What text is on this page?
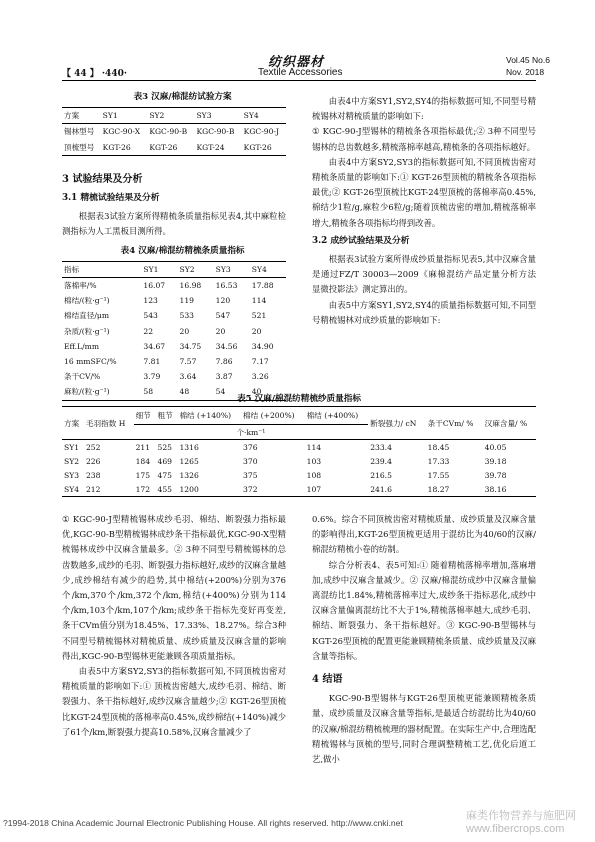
【 44 】 ·440·
纺织器材
Textile Accessories
Vol.45 No.6
Nov. 2018

表3 汉麻/棉混纺试验方案

方案	SY1	SY2	SY3	SY4
锡林型号	KGC-90-X	KGC-90-B	KGC-90-B	KGC-90-J
顶梳型号	KGT-26	KGT-26	KGT-24	KGT-26
3 试验结果及分析
3.1 精梳试验结果及分析

根据表3试验方案所得精梳条质量指标见表4,其中麻粒检测指标为人工黑板目测所得。

表4 汉麻/棉混纺精梳条质量指标

指标	SY1	SY2	SY3	SY4
落棉率/%	16.07	16.98	16.53	17.88
棉结/(粒·g⁻¹)	123	119	120	114
棉结直径/μm	543	533	547	521
杂质/(粒·g⁻¹)	22	20	20	20
Eff.L/mm	34.67	34.75	34.56	34.90
16 mmSFC/%	7.81	7.57	7.86	7.17
条干CV/%	3.79	3.64	3.87	3.26
麻粒/(粒·g⁻¹)	58	48	54	40

由表4中方案SY1,SY2,SY4的指标数据可知,不同型号精梳锡林对精梳质量的影响如下:

① KGC-90-J型锡林的精梳条各项指标最优;② 3种不同型号锡林的总齿数越多,精梳落棉率越高,精梳条的各项指标越好。

由表4中方案SY2,SY3的指标数据可知,不同顶梳齿密对精梳条质量的影响如下:① KGT-26型顶梳的精梳条各项指标最优;② KGT-26型顶梳比KGT-24型顶梳的落棉率高0.45%,棉结少1粒/g,麻粒少6粒/g;随着顶梳齿密的增加,精梳落棉率增大,精梳条各项指标均得到改善。

3.2 成纱试验结果及分析

根据表3试验方案所得成纱质量指标见表5,其中汉麻含量是通过FZ/T 30003—2009《麻棉混纺产品定量分析方法 显微投影法》测定算出的。

由表5中方案SY1,SY2,SY4的质量指标数据可知,不同型号精梳锡林对成纱质量的影响如下:

表5 汉麻/棉混纺精梳纱质量指标

方案	毛羽指数 H	细节	粗节	棉结 (+140%)	棉结 (+200%)	棉结 (+400%)	断裂强力/ cN	条干CVm/ %	汉麻含量/ %
		个·km⁻¹							
SY1	252	211	525	1316	376	114	233.4	18.45	40.05
SY2	226	184	469	1265	370	103	239.4	17.33	39.18
SY3	238	175	475	1326	375	108	216.5	17.55	39.78
SY4	212	172	455	1200	372	107	241.6	18.27	38.16

① KGC-90-J型精梳锡林成纱毛羽、棉结、断裂强力指标最优,KGC-90-B型精梳锡林成纱条干指标最优,KGC-90-X型精梳锡林成纱中汉麻含量最多。② 3种不同型号精梳锡林的总齿数越多,成纱的毛羽、断裂强力指标越好,成纱的汉麻含量越少,成纱棉结有减少的趋势,其中棉结(+200%)分别为376个/km,370个/km,372个/km,棉结(+400%)分别为114个/km,103个/km,107个/km;成纱条干指标先变好再变差,条干CVm值分别为18.45%、17.33%、18.27%。综合3种不同型号精梳锡林对精梳质量、成纱质量及汉麻含量的影响得出,KGC-90-B型锡林更能兼顾各项质量指标。

由表5中方案SY2,SY3的指标数据可知,不同顶梳齿密对精梳质量的影响如下:① 顶梳齿密越大,成纱毛羽、棉结、断裂强力、条干指标越好,成纱汉麻含量越少;② KGT-26型顶梳比KGT-24型顶梳的落棉率高0.45%,成纱棉结(+140%)减少了61个/km,断裂强力提高10.58%,汉麻含量减少了

0.6%。综合不同顶梳齿密对精梳质量、成纱质量及汉麻含量的影响得出,KGT-26型顶梳更适用于混纺比为40/60的汉麻/棉混纺精梳小卷的纺制。

综合分析表4、表5可知:① 随着精梳落棉率增加,落麻增加,成纱中汉麻含量减少。② 汉麻/棉混纺成纱中汉麻含量偏离混纺比1.84%,精梳落棉率过大,成纱条干指标恶化,成纱中汉麻含量偏离混纺比不大于1%,精梳落棉率越大,成纱毛羽、棉结、断裂强力、条干指标越好。③ KGC-90-B型锡林与KGT-26型顶梳的配置更能兼顾精梳条质量、成纱质量及汉麻含量等指标。

4 结语

KGC-90-B型锡林与KGT-26型顶梳更能兼顾精梳条质量、成纱质量及汉麻含量等指标,是最适合纺混纺比为40/60的汉麻/棉混纺精梳梳理的器材配置。在实际生产中,合理选配精梳锡林与顶梳的型号,同时合理调整精梳工艺,优化后道工艺,做小

?1994-2018 China Academic Journal Electronic Publishing House. All rights reserved. http://www.cnki.net
麻类作物营养与施肥网
www.fibercrops.com
